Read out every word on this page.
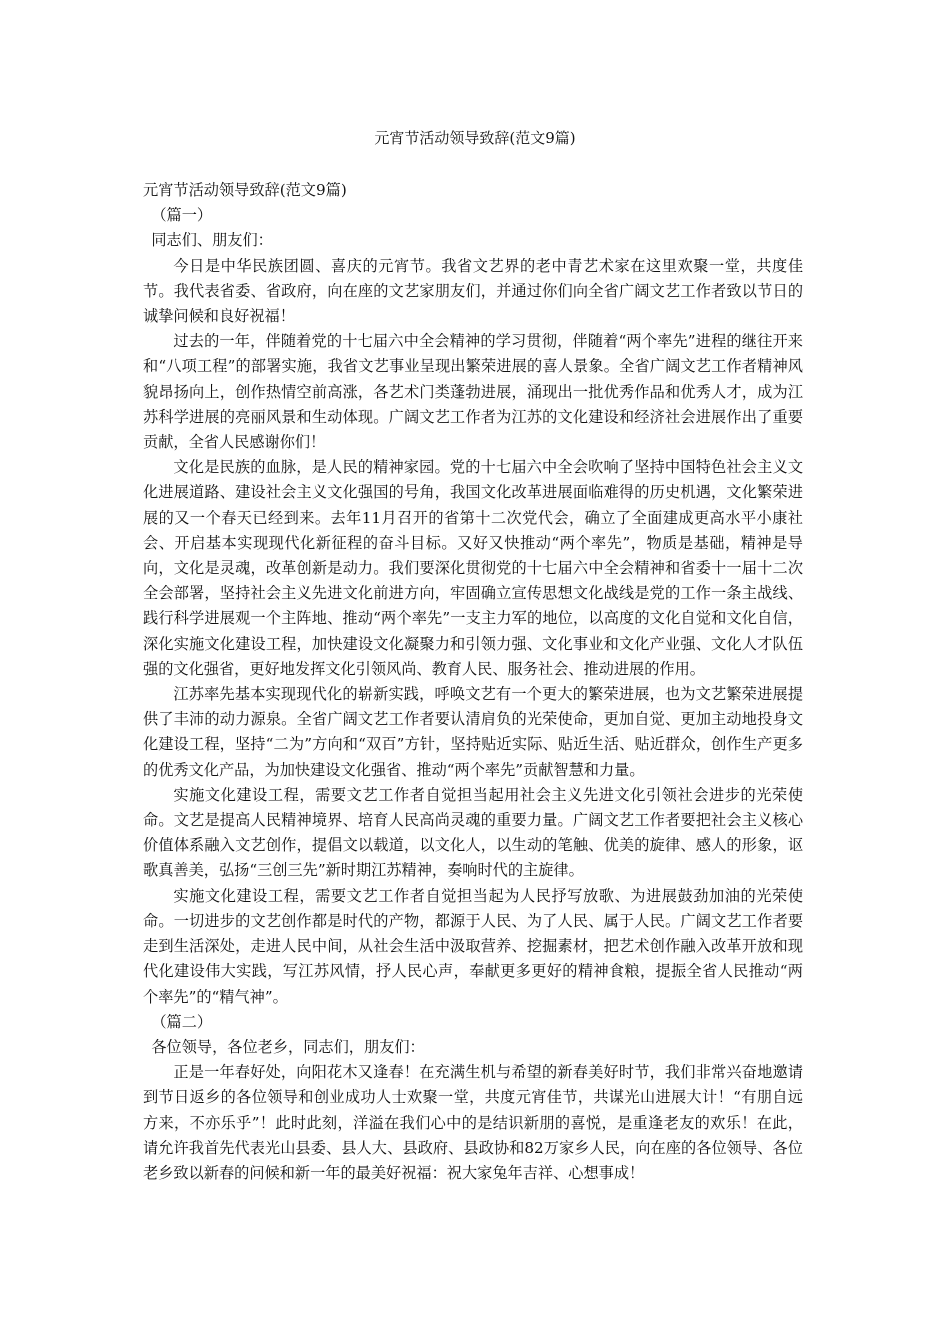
元宵节活动领导致辞(范文9篇)

元宵节活动领导致辞(范文9篇)

（篇一）

同志们、朋友们：

今日是中华民族团圆、喜庆的元宵节。我省文艺界的老中青艺术家在这里欢聚一堂，共度佳节。我代表省委、省政府，向在座的文艺家朋友们，并通过你们向全省广阔文艺工作者致以节日的诚挚问候和良好祝福！

过去的一年，伴随着党的十七届六中全会精神的学习贯彻，伴随着“两个率先”进程的继往开来和“八项工程”的部署实施，我省文艺事业呈现出繁荣进展的喜人景象。全省广阔文艺工作者精神风貌昂扬向上，创作热情空前高涨，各艺术门类蓬勃进展，涌现出一批优秀作品和优秀人才，成为江苏科学进展的亮丽风景和生动体现。广阔文艺工作者为江苏的文化建设和经济社会进展作出了重要贡献，全省人民感谢你们！

文化是民族的血脉，是人民的精神家园。党的十七届六中全会吹响了坚持中国特色社会主义文化进展道路、建设社会主义文化强国的号角，我国文化改革进展面临难得的历史机遇，文化繁荣进展的又一个春天已经到来。去年11月召开的省第十二次党代会，确立了全面建成更高水平小康社会、开启基本实现现代化新征程的奋斗目标。又好又快推动“两个率先”，物质是基础，精神是导向，文化是灵魂，改革创新是动力。我们要深化贯彻党的十七届六中全会精神和省委十一届十二次全会部署，坚持社会主义先进文化前进方向，牢固确立宣传思想文化战线是党的工作一条主战线、践行科学进展观一个主阵地、推动“两个率先”一支主力军的地位，以高度的文化自觉和文化自信，深化实施文化建设工程，加快建设文化凝聚力和引领力强、文化事业和文化产业强、文化人才队伍强的文化强省，更好地发挥文化引领风尚、教育人民、服务社会、推动进展的作用。

江苏率先基本实现现代化的崭新实践，呼唤文艺有一个更大的繁荣进展，也为文艺繁荣进展提供了丰沛的动力源泉。全省广阔文艺工作者要认清肩负的光荣使命，更加自觉、更加主动地投身文化建设工程，坚持“二为”方向和“双百”方针，坚持贴近实际、贴近生活、贴近群众，创作生产更多的优秀文化产品，为加快建设文化强省、推动“两个率先”贡献智慧和力量。

实施文化建设工程，需要文艺工作者自觉担当起用社会主义先进文化引领社会进步的光荣使命。文艺是提高人民精神境界、培育人民高尚灵魂的重要力量。广阔文艺工作者要把社会主义核心价值体系融入文艺创作，提倡文以载道，以文化人，以生动的笔触、优美的旋律、感人的形象，讴歌真善美，弘扬“三创三先”新时期江苏精神，奏响时代的主旋律。

实施文化建设工程，需要文艺工作者自觉担当起为人民抒写放歌、为进展鼓劲加油的光荣使命。一切进步的文艺创作都是时代的产物，都源于人民、为了人民、属于人民。广阔文艺工作者要走到生活深处，走进人民中间，从社会生活中汲取营养、挖掘素材，把艺术创作融入改革开放和现代化建设伟大实践，写江苏风情，抒人民心声，奉献更多更好的精神食粮，提振全省人民推动“两个率先”的“精气神”。

（篇二）

各位领导，各位老乡，同志们，朋友们：

正是一年春好处，向阳花木又逢春！在充满生机与希望的新春美好时节，我们非常兴奋地邀请到节日返乡的各位领导和创业成功人士欢聚一堂，共度元宵佳节，共谋光山进展大计！“有朋自远方来，不亦乐乎”！此时此刻，洋溢在我们心中的是结识新朋的喜悦，是重逢老友的欢乐！在此，请允许我首先代表光山县委、县人大、县政府、县政协和82万家乡人民，向在座的各位领导、各位老乡致以新春的问候和新一年的最美好祝福：祝大家兔年吉祥、心想事成！
